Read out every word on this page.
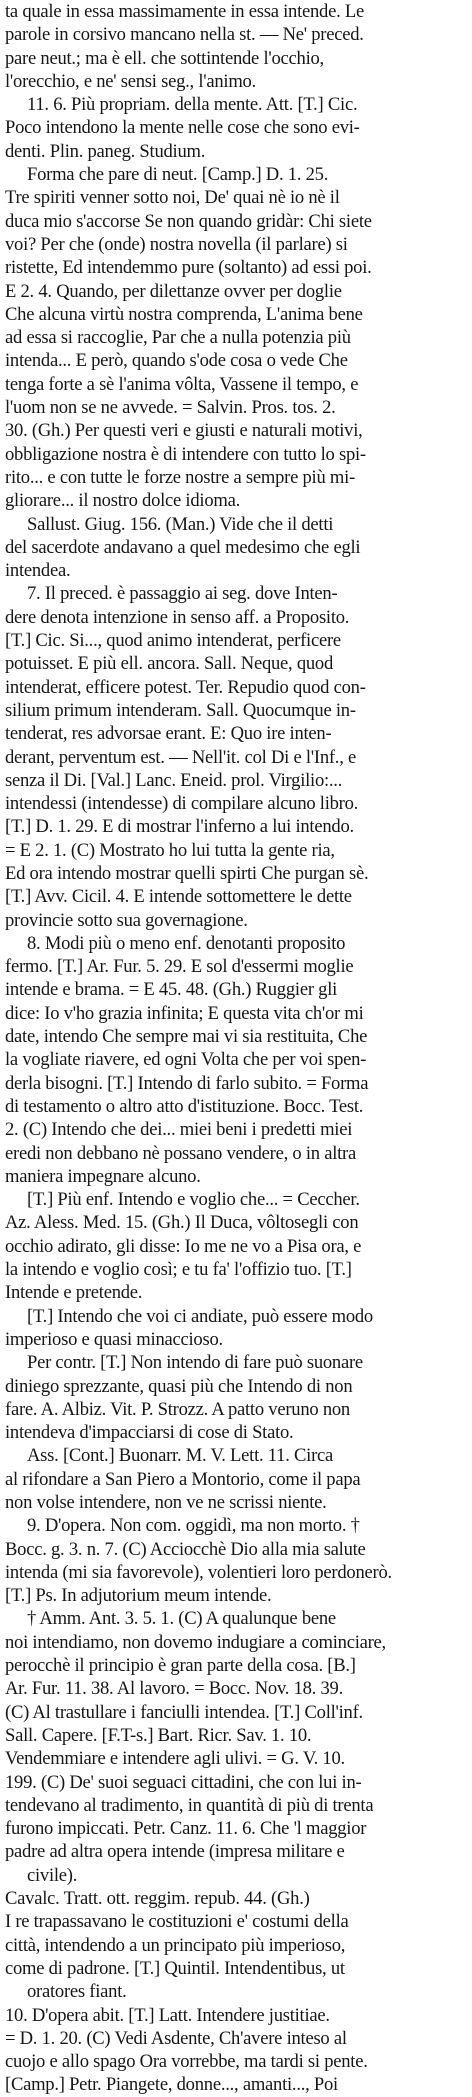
ta quale in essa massimamente in essa intende. Le
parole in corsivo mancano nella st. — Ne' preced.
pare neut.; ma è ell. che sottintende l'occhio,
l'orecchio, e ne' sensi seg., l'animo.
11. 6. Più propriam. della mente. Att. [T.] Cic.
Poco intendono la mente nelle cose che sono evi-
denti. Plin. paneg. Studium.
Forma che pare di neut. [Camp.] D. 1. 25.
Tre spiriti venner sotto noi, De' quai nè io nè il
duca mio s'accorse Se non quando gridàr: Chi siete
voi? Per che (onde) nostra novella (il parlare) si
ristette, Ed intendemmo pure (soltanto) ad essi poi.
E 2. 4. Quando, per dilettanze ovver per doglie
Che alcuna virtù nostra comprenda, L'anima bene
ad essa si raccoglie, Par che a nulla potenzia più
intenda... E però, quando s'ode cosa o vede Che
tenga forte a sè l'anima vôlta, Vassene il tempo, e
l'uom non se ne avvede. = Salvin. Pros. tos. 2.
30. (Gh.) Per questi veri e giusti e naturali motivi,
obbligazione nostra è di intendere con tutto lo spi-
rito... e con tutte le forze nostre a sempre più mi-
gliorare... il nostro dolce idioma.
Sallust. Giug. 156. (Man.) Vide che il detti
del sacerdote andavano a quel medesimo che egli
intendea.
7. Il preced. è passaggio ai seg. dove Inten-
dere denota intenzione in senso aff. a Proposito.
[T.] Cic. Si..., quod animo intenderat, perficere
potuisset. E più ell. ancora. Sall. Neque, quod
intenderat, efficere potest. Ter. Repudio quod con-
silium primum intenderam. Sall. Quocumque in-
tenderat, res advorsae erant. E: Quo ire inten-
derant, perventum est. — Nell'it. col Di e l'Inf., e
senza il Di. [Val.] Lanc. Eneid. prol. Virgilio:...
intendessi (intendesse) di compilare alcuno libro.
[T.] D. 1. 29. E di mostrar l'inferno a lui intendo.
= E 2. 1. (C) Mostrato ho lui tutta la gente ria,
Ed ora intendo mostrar quelli spirti Che purgan sè.
[T.] Avv. Cicil. 4. E intende sottomettere le dette
provincie sotto sua governagione.
8. Modi più o meno enf. denotanti proposito
fermo. [T.] Ar. Fur. 5. 29. E sol d'essermi moglie
intende e brama. = E 45. 48. (Gh.) Ruggier gli
dice: Io v'ho grazia infinita; E questa vita ch'or mi
date, intendo Che sempre mai vi sia restituita, Che
la vogliate riavere, ed ogni Volta che per voi spen-
derla bisogni. [T.] Intendo di farlo subito. = Forma
di testamento o altro atto d'istituzione. Bocc. Test.
2. (C) Intendo che dei... miei beni i predetti miei
eredi non debbano nè possano vendere, o in altra
maniera impegnare alcuno.
[T.] Più enf. Intendo e voglio che... = Ceccher.
Az. Aless. Med. 15. (Gh.) Il Duca, vôltosegli con
occhio adirato, gli disse: Io me ne vo a Pisa ora, e
la intendo e voglio così; e tu fa' l'offizio tuo. [T.]
Intende e pretende.
[T.] Intendo che voi ci andiate, può essere modo
imperioso e quasi minaccioso.
Per contr. [T.] Non intendo di fare può suonare
diniego sprezzante, quasi più che Intendo di non
fare. A. Albiz. Vit. P. Strozz. A patto veruno non
intendeva d'impacciarsi di cose di Stato.
Ass. [Cont.] Buonarr. M. V. Lett. 11. Circa
al rifondare a San Piero a Montorio, come il papa
non volse intendere, non ve ne scrissi niente.
9. D'opera. Non com. oggidì, ma non morto. †
Bocc. g. 3. n. 7. (C) Acciocchè Dio alla mia salute
intenda (mi sia favorevole), volentieri loro perdonerò.
[T.] Ps. In adjutorium meum intende.
† Amm. Ant. 3. 5. 1. (C) A qualunque bene
noi intendiamo, non dovemo indugiare a cominciare,
perocchè il principio è gran parte della cosa. [B.]
Ar. Fur. 11. 38. Al lavoro. = Bocc. Nov. 18. 39.
(C) Al trastullare i fanciulli intendea. [T.] Coll'inf.
Sall. Capere. [F.T-s.] Bart. Ricr. Sav. 1. 10.
Vendemmiare e intendere agli ulivi. = G. V. 10.
199. (C) De' suoi seguaci cittadini, che con lui in-
tendevano al tradimento, in quantità di più di trenta
furono impiccati. Petr. Canz. 11. 6. Che 'l maggior
padre ad altra opera intende (impresa militare e
civile).
Cavalc. Tratt. ott. reggim. repub. 44. (Gh.)
I re trapassavano le costituzioni e' costumi della
città, intendendo a un principato più imperioso,
come di padrone. [T.] Quintil. Intendentibus, ut
oratores fiant.
10. D'opera abit. [T.] Latt. Intendere justitiae.
= D. 1. 20. (C) Vedi Asdente, Ch'avere inteso al
cuojo e allo spago Ora vorrebbe, ma tardi si pente.
[Camp.] Petr. Piangete, donne..., amanti..., Poi
